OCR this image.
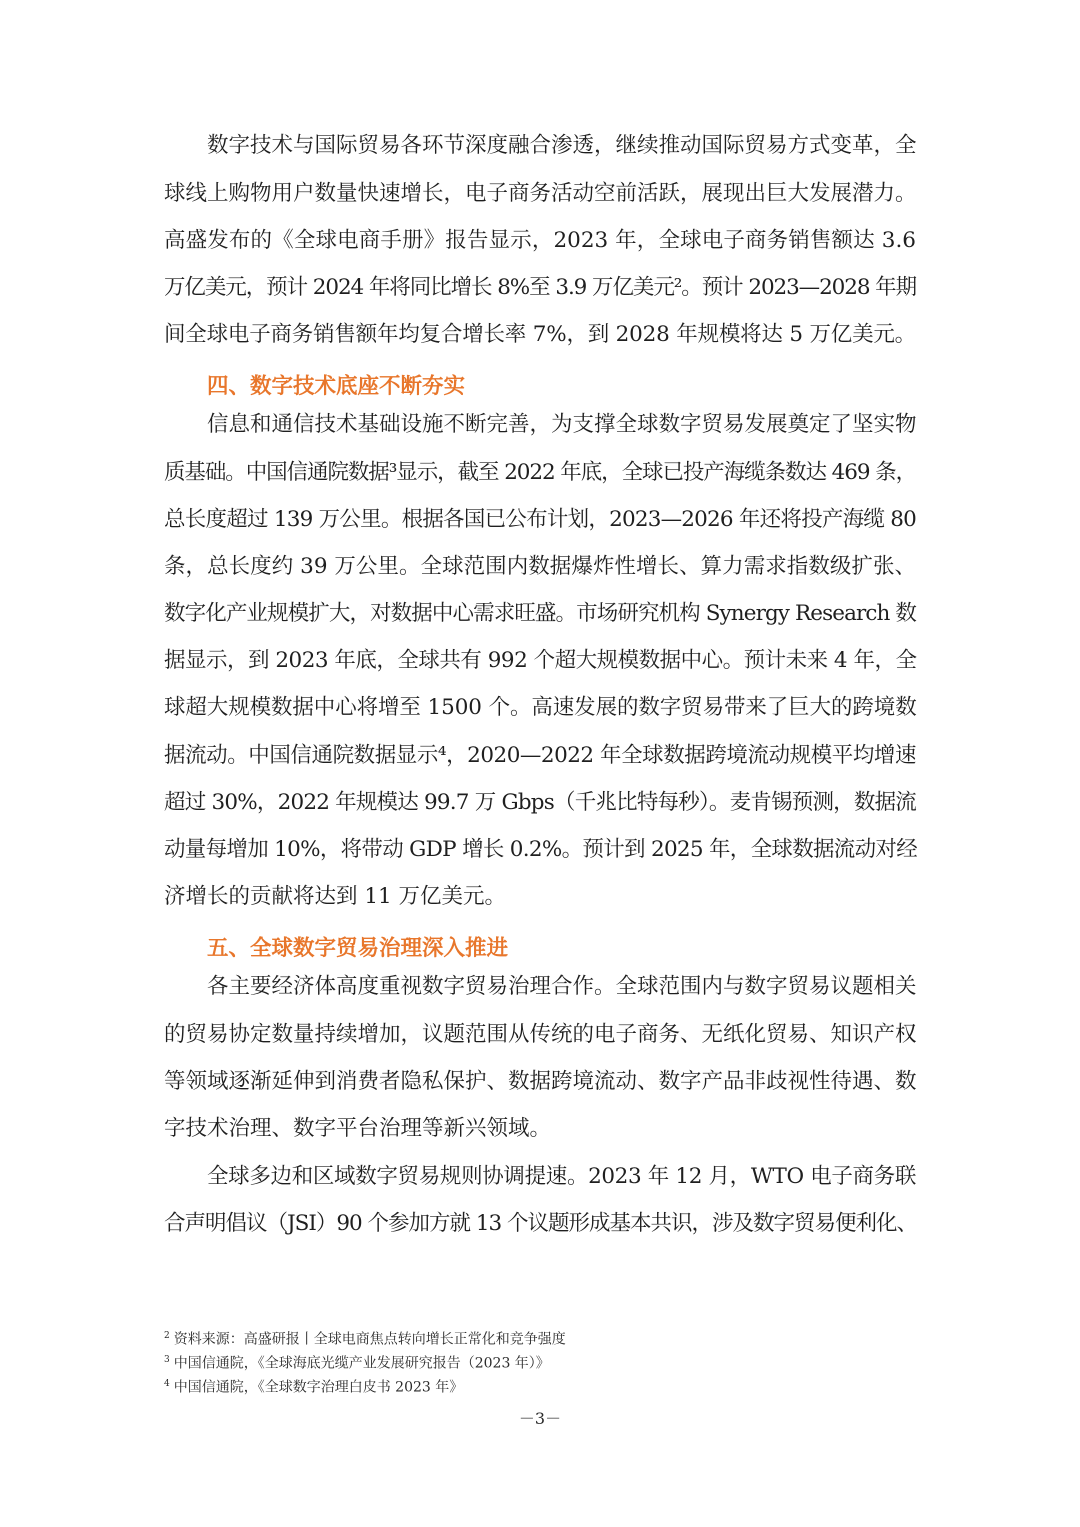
数字技术与国际贸易各环节深度融合渗透，继续推动国际贸易方式变革，全
球线上购物用户数量快速增长，电子商务活动空前活跃，展现出巨大发展潜力。
高盛发布的《全球电商手册》报告显示，2023 年，全球电子商务销售额达 3.6
万亿美元，预计 2024 年将同比增长 8%至 3.9 万亿美元²。预计 2023—2028 年期
间全球电子商务销售额年均复合增长率 7%，到 2028 年规模将达 5 万亿美元。
四、数字技术底座不断夯实
信息和通信技术基础设施不断完善，为支撑全球数字贸易发展奠定了坚实物
质基础。中国信通院数据³显示，截至 2022 年底，全球已投产海缆条数达 469 条，
总长度超过 139 万公里。根据各国已公布计划，2023—2026 年还将投产海缆 80
条，总长度约 39 万公里。全球范围内数据爆炸性增长、算力需求指数级扩张、
数字化产业规模扩大，对数据中心需求旺盛。市场研究机构 Synergy Research 数
据显示，到 2023 年底，全球共有 992 个超大规模数据中心。预计未来 4 年，全
球超大规模数据中心将增至 1500 个。高速发展的数字贸易带来了巨大的跨境数
据流动。中国信通院数据显示⁴，2020—2022 年全球数据跨境流动规模平均增速
超过 30%，2022 年规模达 99.7 万 Gbps（千兆比特每秒）。麦肯锡预测，数据流
动量每增加 10%，将带动 GDP 增长 0.2%。预计到 2025 年，全球数据流动对经
济增长的贡献将达到 11 万亿美元。
五、全球数字贸易治理深入推进
各主要经济体高度重视数字贸易治理合作。全球范围内与数字贸易议题相关
的贸易协定数量持续增加，议题范围从传统的电子商务、无纸化贸易、知识产权
等领域逐渐延伸到消费者隐私保护、数据跨境流动、数字产品非歧视性待遇、数
字技术治理、数字平台治理等新兴领域。
全球多边和区域数字贸易规则协调提速。2023 年 12 月，WTO 电子商务联
合声明倡议（JSI）90 个参加方就 13 个议题形成基本共识，涉及数字贸易便利化、
$^2$ 资料来源：高盛研报丨全球电商焦点转向增长正常化和竞争强度
$^3$ 中国信通院，《全球海底光缆产业发展研究报告（2023 年）》
$^4$ 中国信通院，《全球数字治理白皮书 2023 年》
－3－
